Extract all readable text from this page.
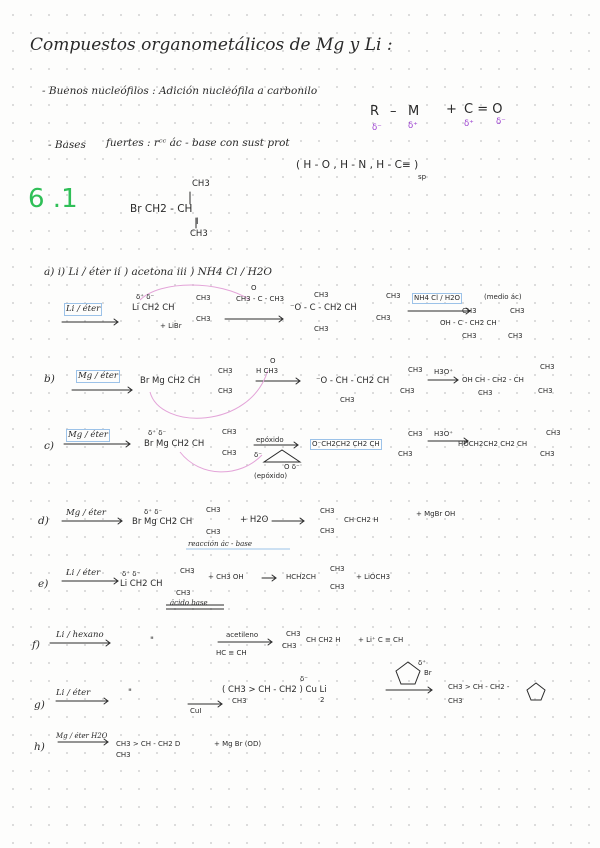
Compuestos organometálicos de Mg y Li :
- Buenos nucleófilos : Adición nucleófila a carbonilo
- Bases fuertes : rᶜᶜ ác - base con sust prot
R – M + C = O
δ⁻	δ⁺	δ⁺	δ⁻
( H - O , H - N , H - C≡ )
sp
6 .1	CH3
Br CH2 - CH
I
CH3
a) i) Li / éter ii ) acetona iii ) NH4 Cl / H2O
Li / éter
δ⁺ δ⁻
Li CH2 CH
CH3
CH3
+ LiBr
O
CH3 - C - CH3	CH3
⁻O - C - CH2 CH
CH3
CH3
CH3
NH4 Cl / H2O	(medio ác)
CH3	CH3
OH - C - CH2 CH
CH3	CH3
b)	Mg / éter	Br Mg CH2 CH
CH3
CH3
O
H CH3
⁻O - CH - CH2 CH
CH3
CH3
CH3
H3O⁺
OH CH - CH2 - CH
CH3
CH3
CH3
c)
Mg / éter	δ⁺ δ⁻
Br Mg CH2 CH
CH3
CH3
epóxido
δ⁻
O δ⁻
(epóxido)
O⁻CH2CH2 CH2 CH
CH3
CH3
H3O⁺
HOCH2CH2 CH2 CH
CH3
CH3
d)
Mg / éter	δ⁺ δ⁻
Br Mg CH2 CH
CH3
CH3
+ H2O
CH3
CH3
CH CH2 H
+ MgBr OH
reacción ác - base
e)
Li / éter	δ⁺ δ⁻
Li CH2 CH
CH3
CH3
+ CH3 OH	HCH2CH
CH3
CH3
+ LiOCH3
ácido base
f)
Li / hexano
"
acetileno
HC ≡ CH
CH3
CH3
CH CH2 H	+ Li⁺ C ≡ CH
g)
Li / éter	"
CuI
( CH3 > CH - CH2 ) Cu Li
2
CH3
δ⁻
δ⁺
Br
CH3 > CH - CH2 -
CH3
h)
Mg / éter H2O
CH3 > CH - CH2 D
CH3
+ Mg Br (OD)
